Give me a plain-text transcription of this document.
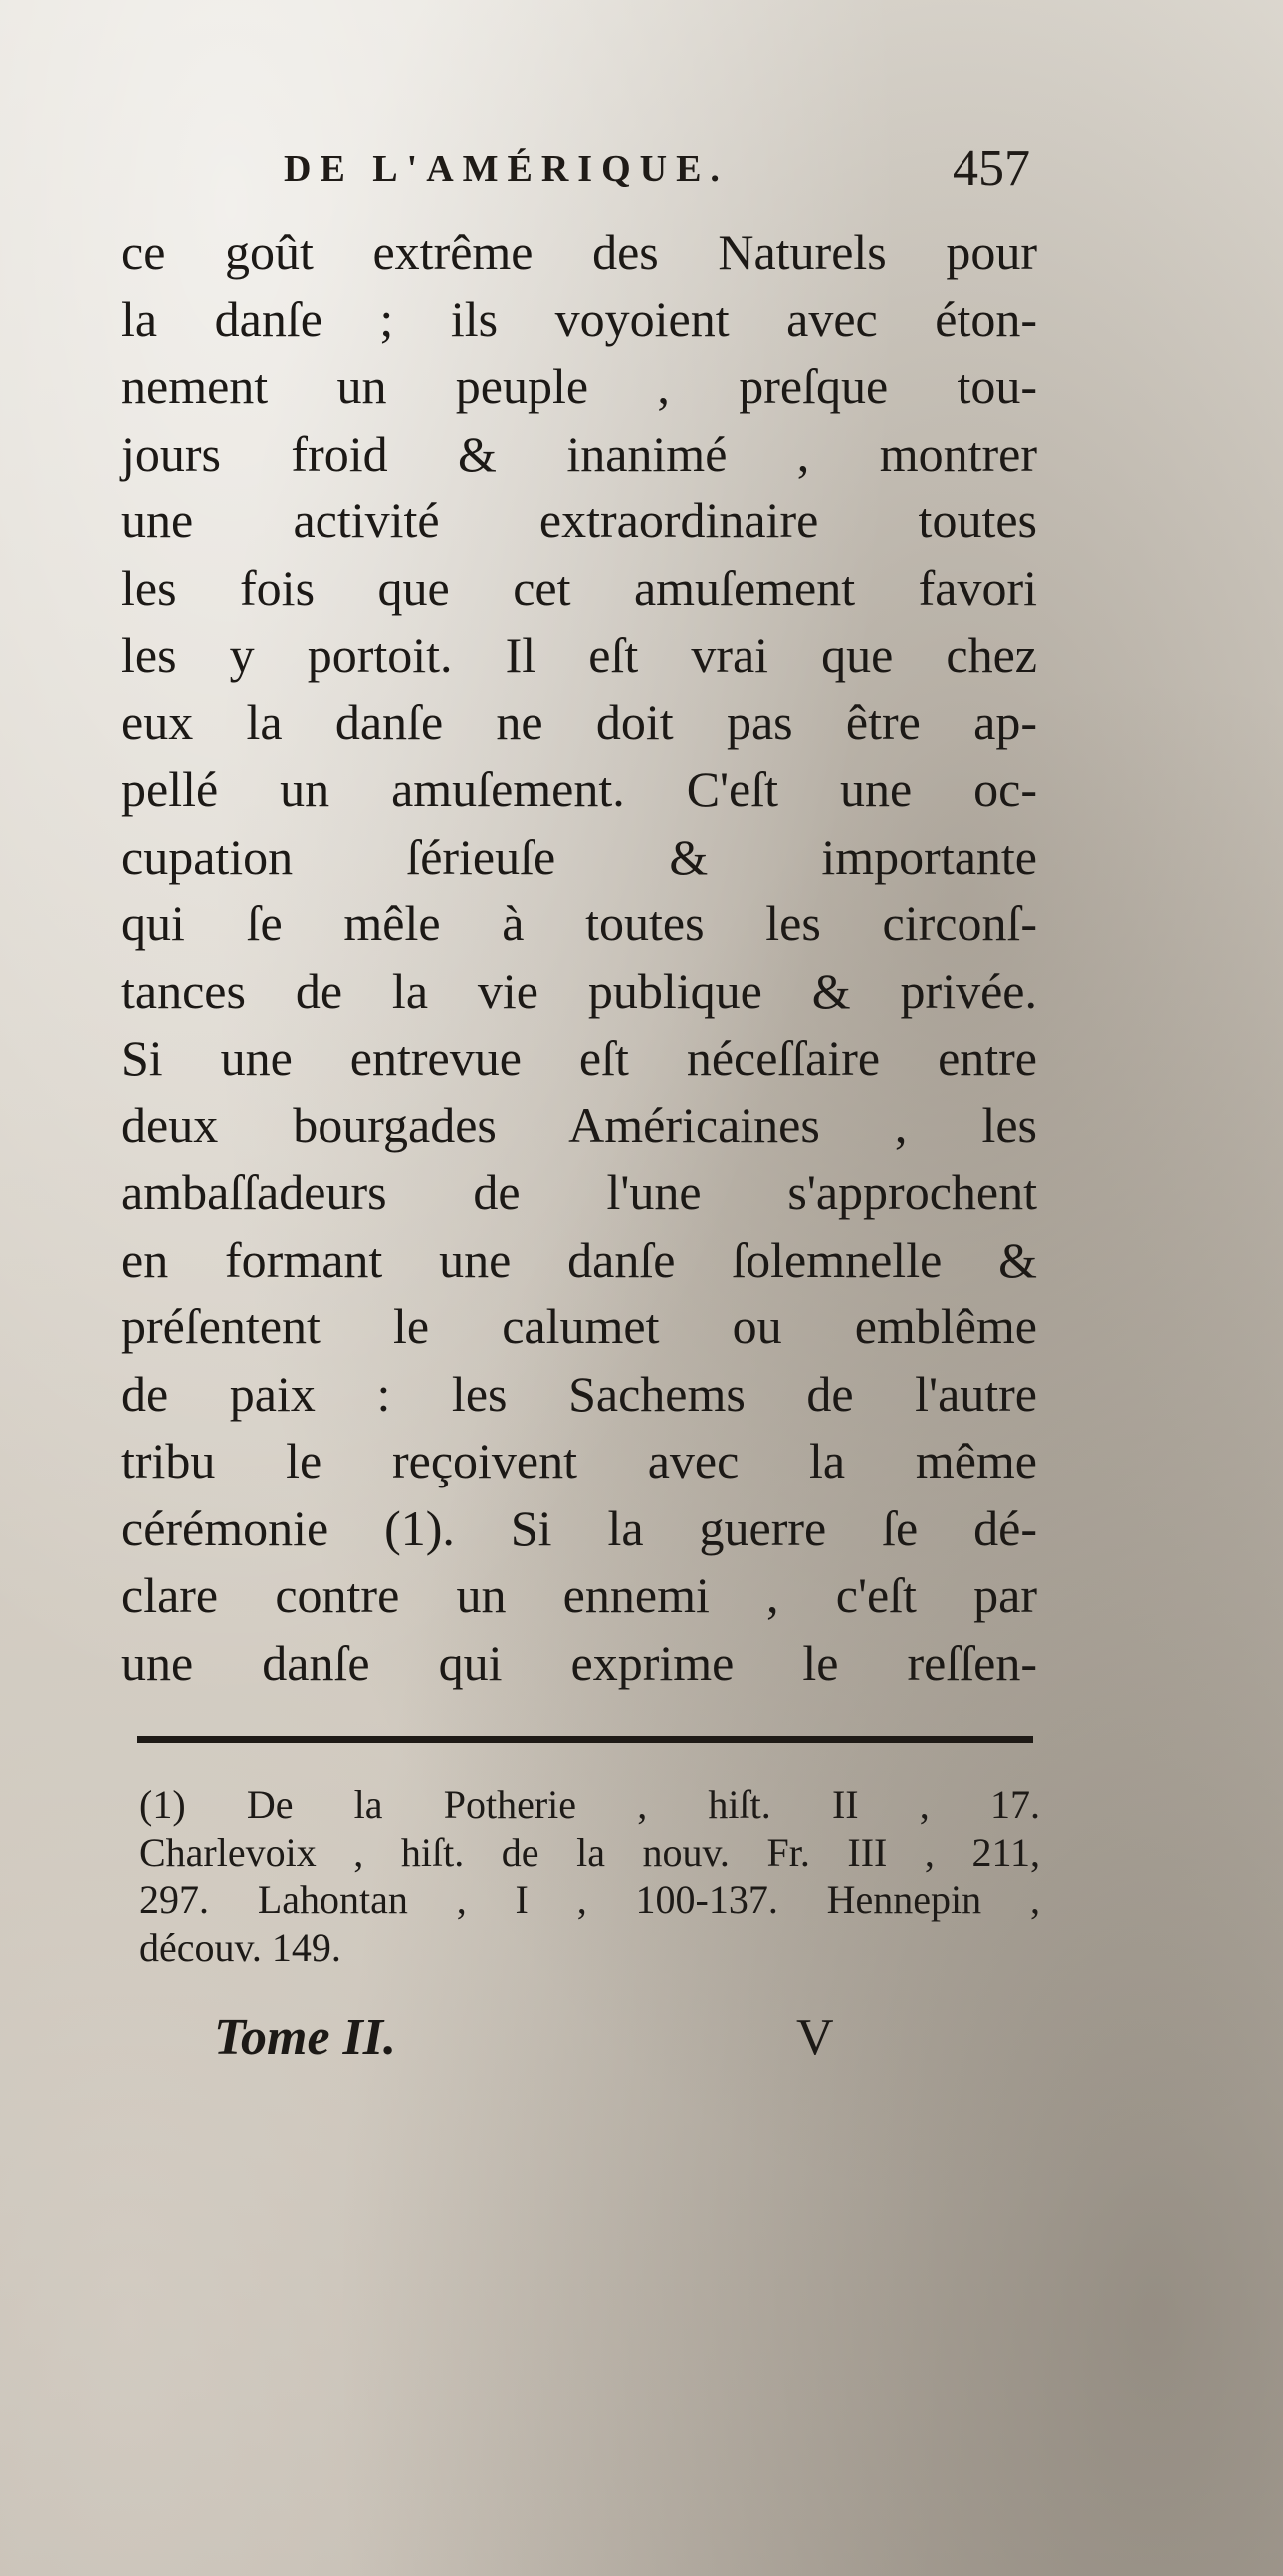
DE L'AMÉRIQUE.	457
ce goût extrême des Naturels pour
la danſe ; ils voyoient avec éton-
nement un peuple , preſque tou-
jours froid & inanimé , montrer
une activité extraordinaire toutes
les fois que cet amuſement favori
les y portoit. Il eſt vrai que chez
eux la danſe ne doit pas être ap-
pellé un amuſement. C'eſt une oc-
cupation ſérieuſe & importante
qui ſe mêle à toutes les circonſ-
tances de la vie publique & privée.
Si une entrevue eſt néceſſaire entre
deux bourgades Américaines , les
ambaſſadeurs de l'une s'approchent
en formant une danſe ſolemnelle &
préſentent le calumet ou emblême
de paix : les Sachems de l'autre
tribu le reçoivent avec la même
cérémonie (1). Si la guerre ſe dé-
clare contre un ennemi , c'eſt par
une danſe qui exprime le reſſen-
(1) De la Potherie , hiſt. II , 17.
Charlevoix , hiſt. de la nouv. Fr. III , 211,
297. Lahontan , I , 100-137. Hennepin ,
découv. 149.
Tome II.	V
